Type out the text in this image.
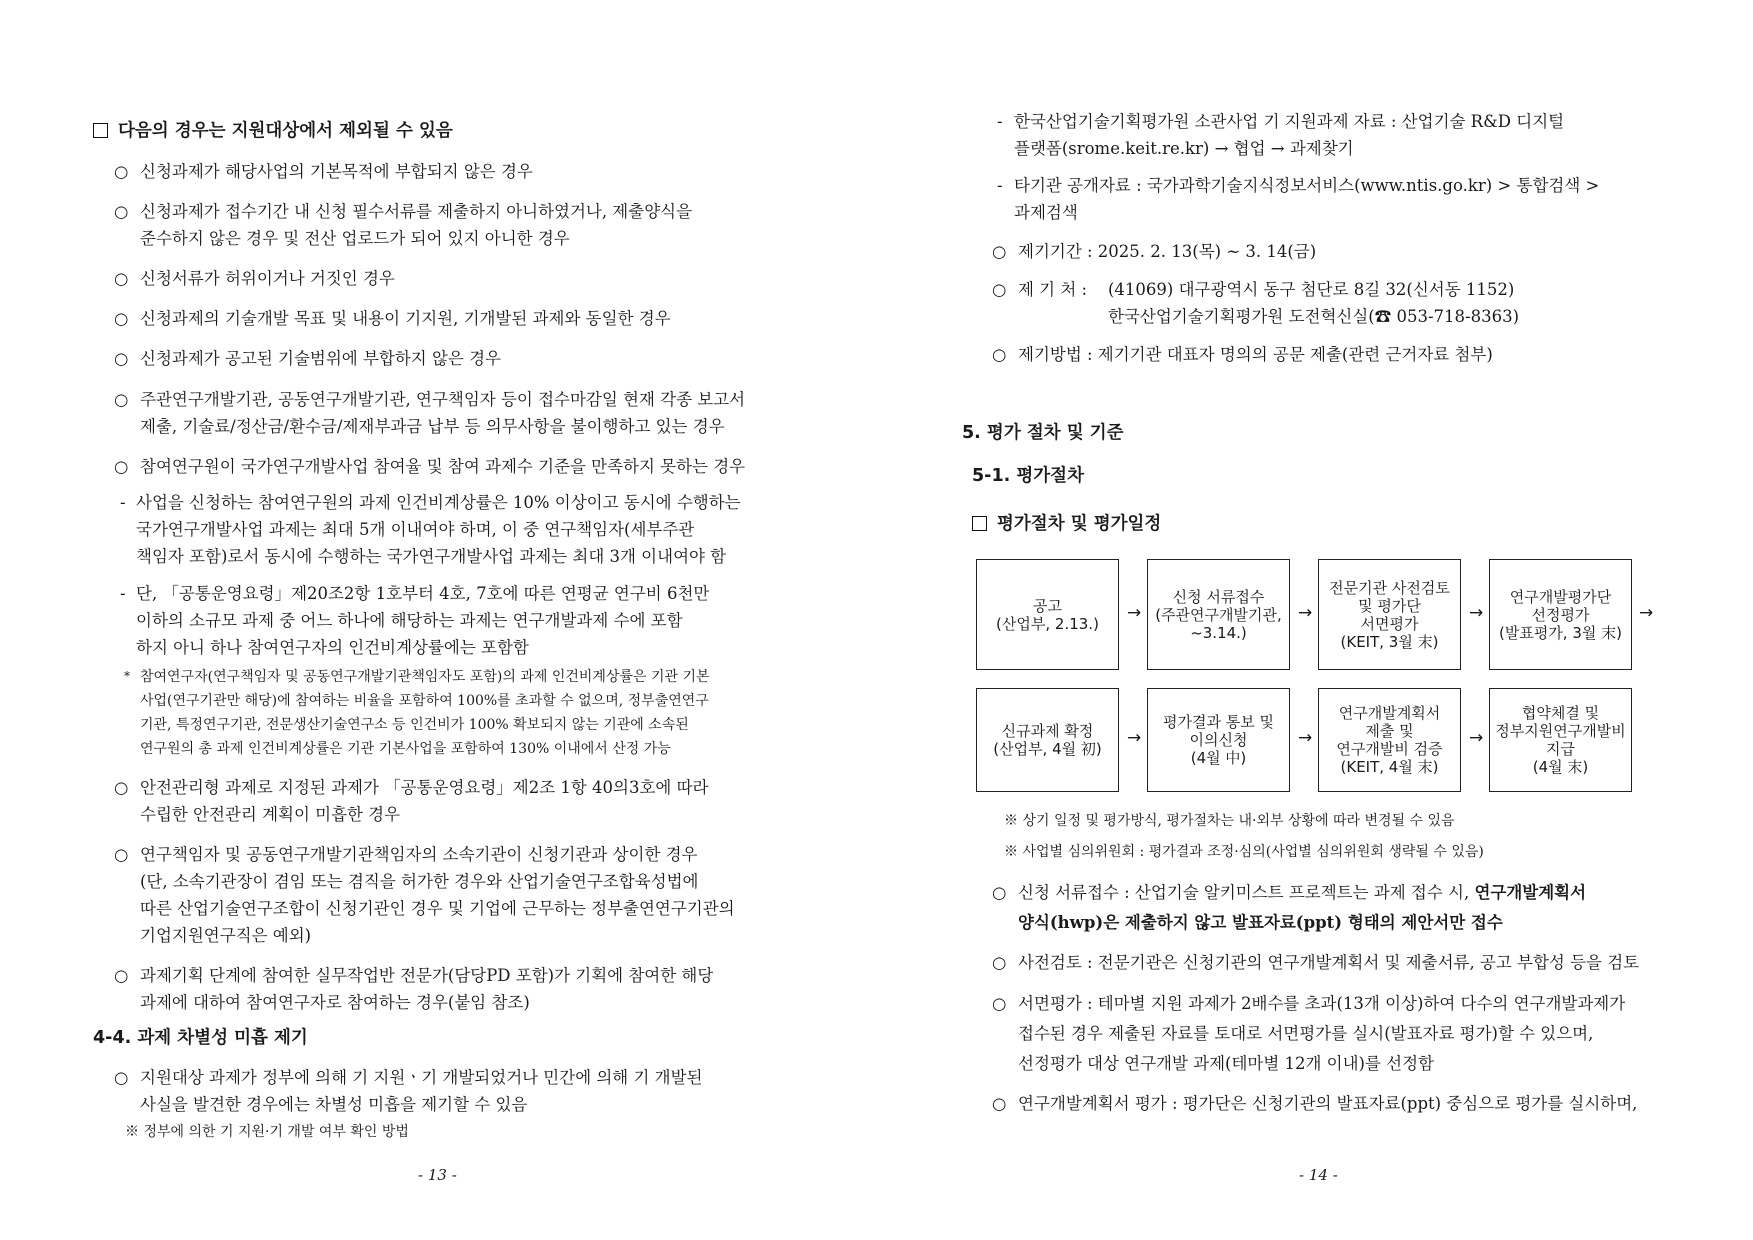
다음의 경우는 지원대상에서 제외될 수 있음
○ 신청과제가 해당사업의 기본목적에 부합되지 않은 경우

○ 신청과제가 접수기간 내 신청 필수서류를 제출하지 아니하였거나, 제출양식을

준수하지 않은 경우 및 전산 업로드가 되어 있지 아니한 경우

○ 신청서류가 허위이거나 거짓인 경우

○ 신청과제의 기술개발 목표 및 내용이 기지원, 기개발된 과제와 동일한 경우

○ 신청과제가 공고된 기술범위에 부합하지 않은 경우

○ 주관연구개발기관, 공동연구개발기관, 연구책임자 등이 접수마감일 현재 각종 보고서

제출, 기술료/정산금/환수금/제재부과금 납부 등 의무사항을 불이행하고 있는 경우

○ 참여연구원이 국가연구개발사업 참여율 및 참여 과제수 기준을 만족하지 못하는 경우

- 사업을 신청하는 참여연구원의 과제 인건비계상률은 10% 이상이고 동시에 수행하는

국가연구개발사업 과제는 최대 5개 이내여야 하며, 이 중 연구책임자(세부주관

책임자 포함)로서 동시에 수행하는 국가연구개발사업 과제는 최대 3개 이내여야 함

- 단, 「공통운영요령」제20조2항 1호부터 4호, 7호에 따른 연평균 연구비 6천만

이하의 소규모 과제 중 어느 하나에 해당하는 과제는 연구개발과제 수에 포함

하지 아니 하나 참여연구자의 인건비계상률에는 포함함

* 참여연구자(연구책임자 및 공동연구개발기관책임자도 포함)의 과제 인건비계상률은 기관 기본

사업(연구기관만 해당)에 참여하는 비율을 포함하여 100%를 초과할 수 없으며, 정부출연연구

기관, 특정연구기관, 전문생산기술연구소 등 인건비가 100% 확보되지 않는 기관에 소속된

연구원의 총 과제 인건비계상률은 기관 기본사업을 포함하여 130% 이내에서 산정 가능

○ 안전관리형 과제로 지정된 과제가 「공통운영요령」제2조 1항 40의3호에 따라

수립한 안전관리 계획이 미흡한 경우

○ 연구책임자 및 공동연구개발기관책임자의 소속기관이 신청기관과 상이한 경우

(단, 소속기관장이 겸임 또는 겸직을 허가한 경우와 산업기술연구조합육성법에

따른 산업기술연구조합이 신청기관인 경우 및 기업에 근무하는 정부출연연구기관의

기업지원연구직은 예외)

○ 과제기획 단계에 참여한 실무작업반 전문가(담당PD 포함)가 기획에 참여한 해당

과제에 대하여 참여연구자로 참여하는 경우(붙임 참조)

4-4. 과제 차별성 미흡 제기
○ 지원대상 과제가 정부에 의해 기 지원ㆍ기 개발되었거나 민간에 의해 기 개발된

사실을 발견한 경우에는 차별성 미흡을 제기할 수 있음

※ 정부에 의한 기 지원·기 개발 여부 확인 방법

- 13 -
- 한국산업기술기획평가원 소관사업 기 지원과제 자료 : 산업기술 R&D 디지털

플랫폼(srome.keit.re.kr) → 협업 → 과제찾기

- 타기관 공개자료 : 국가과학기술지식정보서비스(www.ntis.go.kr) > 통합검색 >

과제검색

○ 제기기간 : 2025. 2. 13(목) ~ 3. 14(금)

○ 제 기 처 : (41069) 대구광역시 동구 첨단로 8길 32(신서동 1152)

한국산업기술기획평가원 도전혁신실(☎ 053-718-8363)

○ 제기방법 : 제기기관 대표자 명의의 공문 제출(관련 근거자료 첨부)

5. 평가 절차 및 기준
5-1. 평가절차
평가절차 및 평가일정
공고
(산업부, 2.13.)
→
신청 서류접수
(주관연구개발기관,
~3.14.)
→
전문기관 사전검토
및 평가단
서면평가
(KEIT, 3월 末)
→
연구개발평가단
선정평가
(발표평가, 3월 末)
→
신규과제 확정
(산업부, 4월 初)
→
평가결과 통보 및
이의신청
(4월 中)
→
연구개발계획서
제출 및
연구개발비 검증
(KEIT, 4월 末)
→
협약체결 및
정부지원연구개발비
지급
(4월 末)

※ 상기 일정 및 평가방식, 평가절차는 내·외부 상황에 따라 변경될 수 있음

※ 사업별 심의위원회 : 평가결과 조정·심의(사업별 심의위원회 생략될 수 있음)

○ 신청 서류접수 : 산업기술 알키미스트 프로젝트는 과제 접수 시, 연구개발계획서

양식(hwp)은 제출하지 않고 발표자료(ppt) 형태의 제안서만 접수

○ 사전검토 : 전문기관은 신청기관의 연구개발계획서 및 제출서류, 공고 부합성 등을 검토

○ 서면평가 : 테마별 지원 과제가 2배수를 초과(13개 이상)하여 다수의 연구개발과제가

접수된 경우 제출된 자료를 토대로 서면평가를 실시(발표자료 평가)할 수 있으며,

선정평가 대상 연구개발 과제(테마별 12개 이내)를 선정함

○ 연구개발계획서 평가 : 평가단은 신청기관의 발표자료(ppt) 중심으로 평가를 실시하며,

- 14 -
